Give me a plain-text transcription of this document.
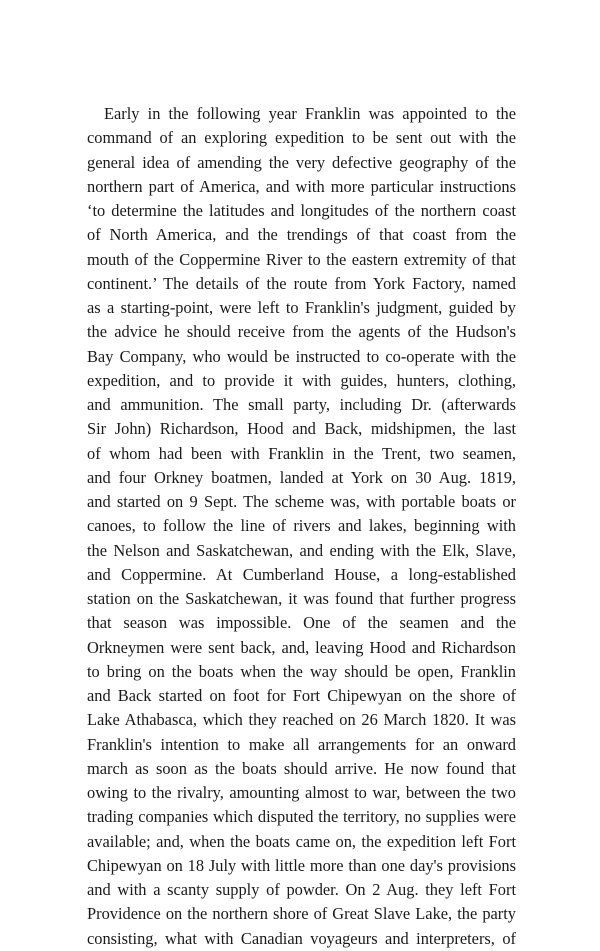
Early in the following year Franklin was appointed to the
command of an exploring expedition to be sent out with the
general idea of amending the very defective geography of the
northern part of America, and with more particular instructions
‘to determine the latitudes and longitudes of the northern coast
of North America, and the trendings of that coast from the
mouth of the Coppermine River to the eastern extremity of that
continent.’ The details of the route from York Factory, named
as a starting-point, were left to Franklin's judgment, guided by
the advice he should receive from the agents of the Hudson's
Bay Company, who would be instructed to co-operate with the
expedition, and to provide it with guides, hunters, clothing,
and ammunition. The small party, including Dr. (afterwards
Sir John) Richardson, Hood and Back, midshipmen, the last
of whom had been with Franklin in the Trent, two seamen,
and four Orkney boatmen, landed at York on 30 Aug. 1819,
and started on 9 Sept. The scheme was, with portable boats or
canoes, to follow the line of rivers and lakes, beginning with
the Nelson and Saskatchewan, and ending with the Elk, Slave,
and Coppermine. At Cumberland House, a long-established
station on the Saskatchewan, it was found that further progress
that season was impossible. One of the seamen and the
Orkneymen were sent back, and, leaving Hood and Richardson
to bring on the boats when the way should be open, Franklin
and Back started on foot for Fort Chipewyan on the shore of
Lake Athabasca, which they reached on 26 March 1820. It was
Franklin's intention to make all arrangements for an onward
march as soon as the boats should arrive. He now found that
owing to the rivalry, amounting almost to war, between the two
trading companies which disputed the territory, no supplies were
available; and, when the boats came on, the expedition left Fort
Chipewyan on 18 July with little more than one day's provisions
and with a scanty supply of powder. On 2 Aug. they left Fort
Providence on the northern shore of Great Slave Lake, the party
consisting, what with Canadian voyageurs and interpreters, of
